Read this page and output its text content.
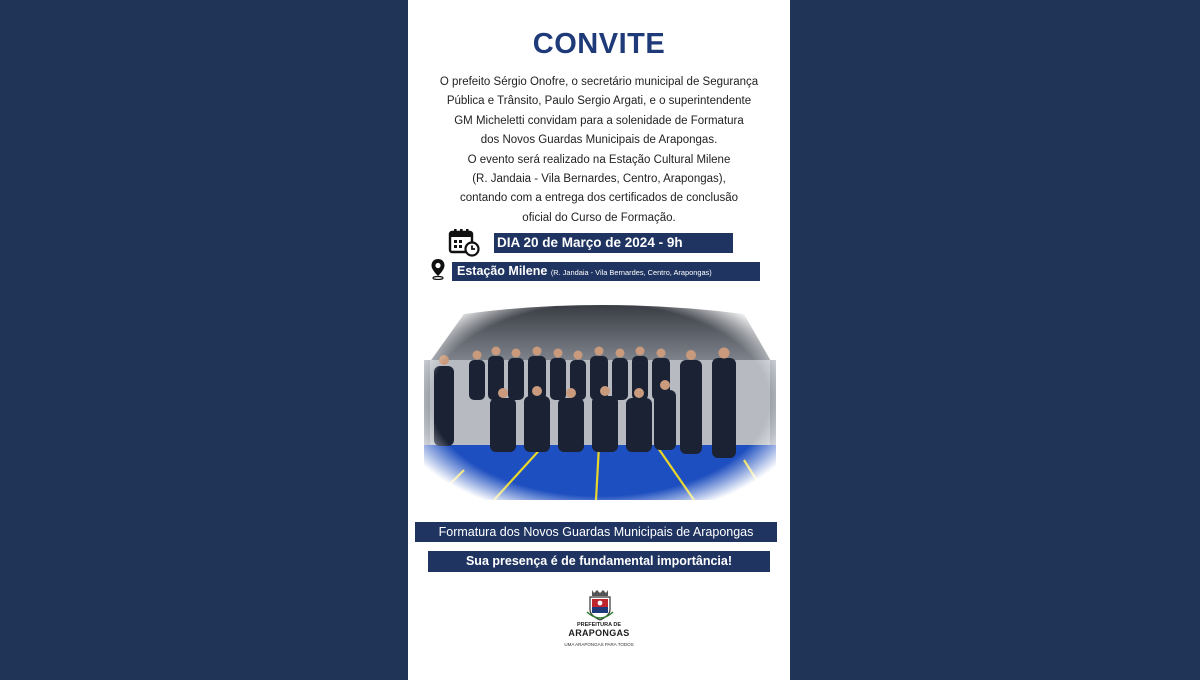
CONVITE
O prefeito Sérgio Onofre, o secretário municipal de Segurança
Pública e Trânsito, Paulo Sergio Argati, e o superintendente
GM Micheletti convidam para a solenidade de Formatura
dos Novos Guardas Municipais de Arapongas.
O evento será realizado na Estação Cultural Milene
(R. Jandaia - Vila Bernardes, Centro, Arapongas),
contando com a entrega dos certificados de conclusão
oficial do Curso de Formação.
DIA 20 de Março de 2024 - 9h
Estação Milene (R. Jandaia - Vila Bernardes, Centro, Arapongas)
Formatura dos Novos Guardas Municipais de Arapongas
Sua presença é de fundamental importância!
PREFEITURA DE
ARAPONGAS
UMA ARAPONGAS PARA TODOS
